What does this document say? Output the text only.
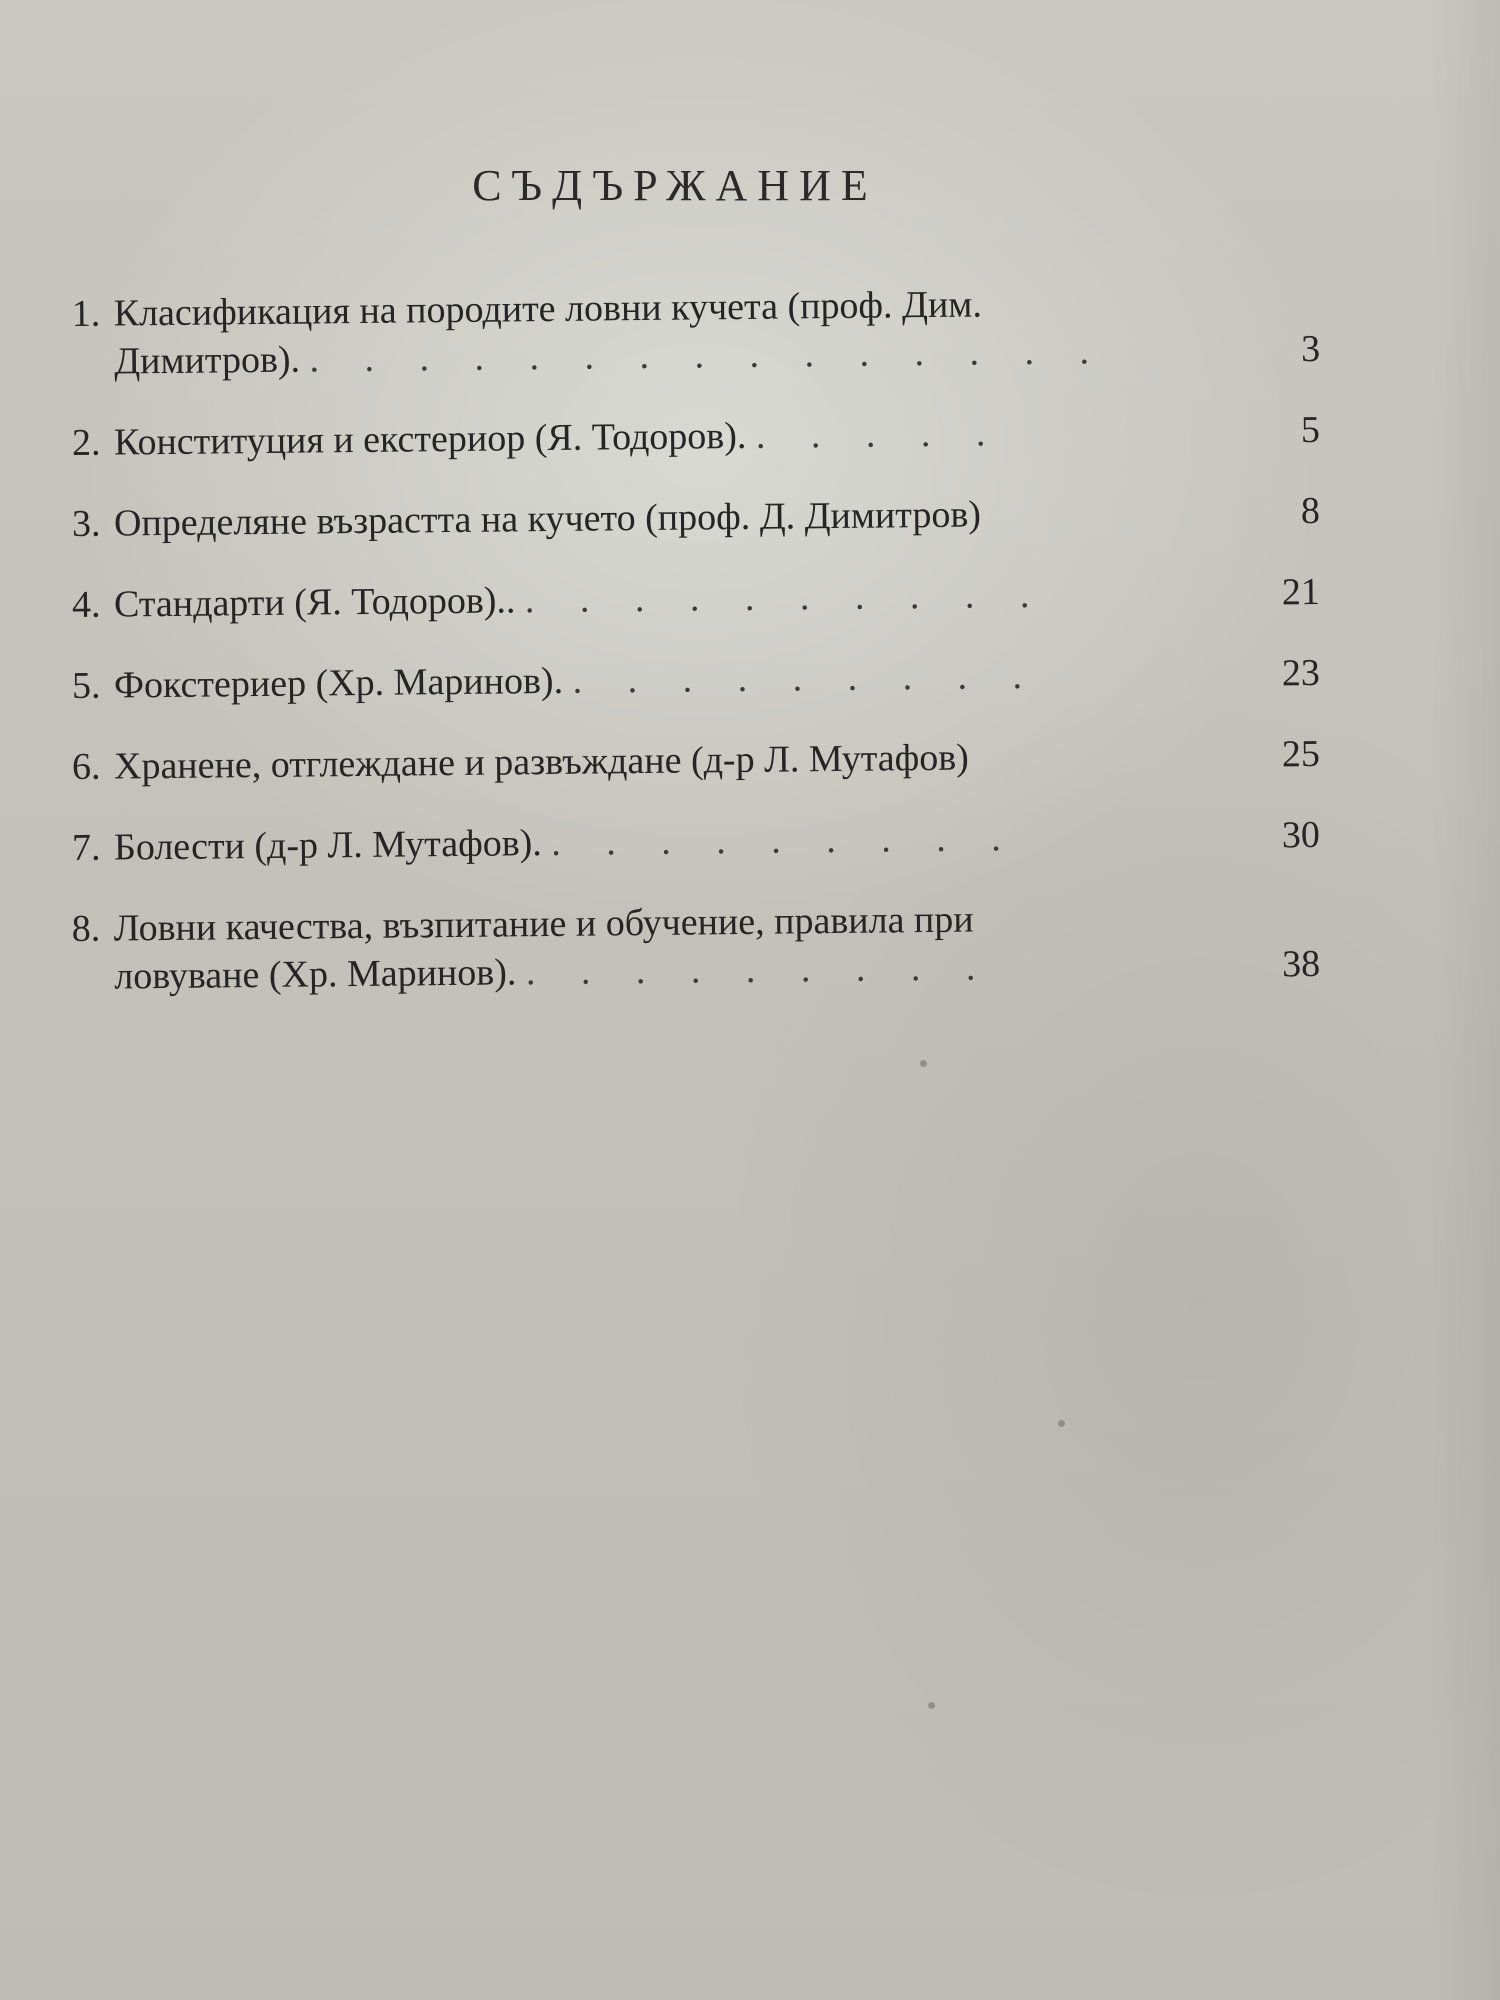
СЪДЪРЖАНИЕ
1. Класификация на породите ловни кучета (проф. Дим.
Димитров). . . . . . . . . . . . . . . .	3
2. Конституция и екстериор (Я. Тодоров). . . . . .	5
3. Определяне възрастта на кучето (проф. Д. Димитров)	8
4. Стандарти (Я. Тодоров).. . . . . . . . . . .	21
5. Фокстериер (Хр. Маринов). . . . . . . . . .	23
6. Хранене, отглеждане и развъждане (д-р Л. Мутафов)	25
7. Болести (д-р Л. Мутафов). . . . . . . . . .	30
8. Ловни качества, възпитание и обучение, правила при
ловуване (Хр. Маринов). . . . . . . . . .	38
